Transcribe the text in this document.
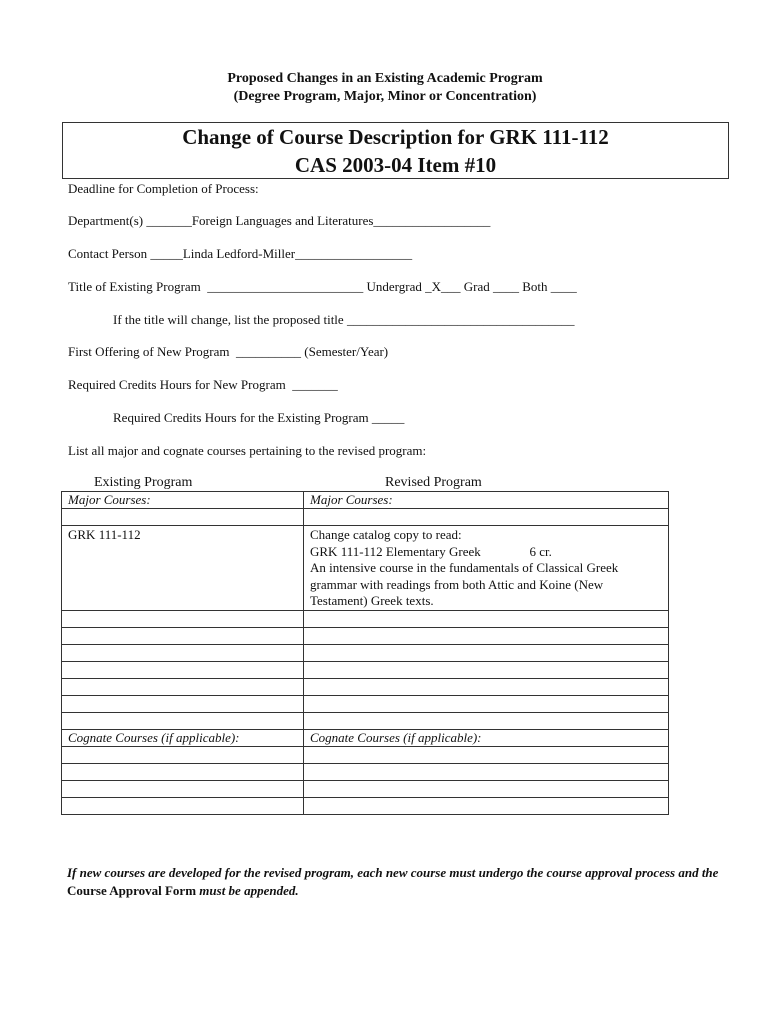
Proposed Changes in an Existing Academic Program
(Degree Program, Major, Minor or Concentration)
Change of Course Description for GRK 111-112
CAS 2003-04 Item #10
Deadline for Completion of Process:
Department(s) _______Foreign Languages and Literatures__________________
Contact Person _____Linda Ledford-Miller__________________
Title of Existing Program  ________________________ Undergrad _X___ Grad ____ Both ____
If the title will change, list the proposed title ___________________________________
First Offering of New Program  __________ (Semester/Year)
Required Credits Hours for New Program  _______
Required Credits Hours for the Existing Program _____
List all major and cognate courses pertaining to the revised program:
Existing Program	Revised Program
Major Courses:	Major Courses:

GRK 111-112	Change catalog copy to read:
GRK 111-112 Elementary Greek               6 cr.
An intensive course in the fundamentals of Classical Greek
grammar with readings from both Attic and Koine (New
Testament) Greek texts.

Cognate Courses (if applicable):	Cognate Courses (if applicable):

If new courses are developed for the revised program, each new course must undergo the course approval process and the Course Approval Form must be appended.
